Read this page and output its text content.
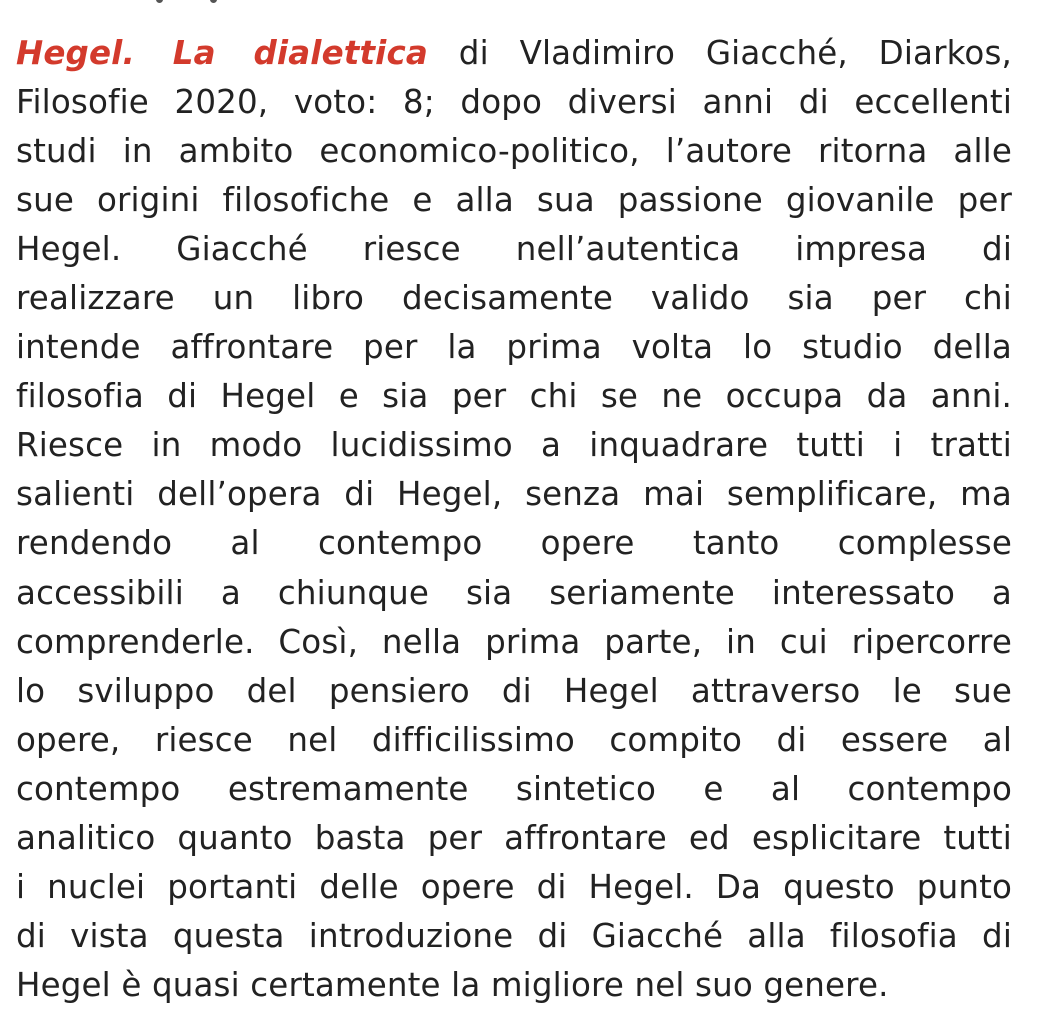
Hegel. La dialettica di Vladimiro Giacché, Diarkos,
Filosofie 2020, voto: 8; dopo diversi anni di eccellenti
studi in ambito economico-politico, l’autore ritorna alle
sue origini filosofiche e alla sua passione giovanile per
Hegel. Giacché riesce nell’autentica impresa di
realizzare un libro decisamente valido sia per chi
intende affrontare per la prima volta lo studio della
filosofia di Hegel e sia per chi se ne occupa da anni.
Riesce in modo lucidissimo a inquadrare tutti i tratti
salienti dell’opera di Hegel, senza mai semplificare, ma
rendendo al contempo opere tanto complesse
accessibili a chiunque sia seriamente interessato a
comprenderle. Così, nella prima parte, in cui ripercorre
lo sviluppo del pensiero di Hegel attraverso le sue
opere, riesce nel difficilissimo compito di essere al
contempo estremamente sintetico e al contempo
analitico quanto basta per affrontare ed esplicitare tutti
i nuclei portanti delle opere di Hegel. Da questo punto
di vista questa introduzione di Giacché alla filosofia di
Hegel è quasi certamente la migliore nel suo genere.
